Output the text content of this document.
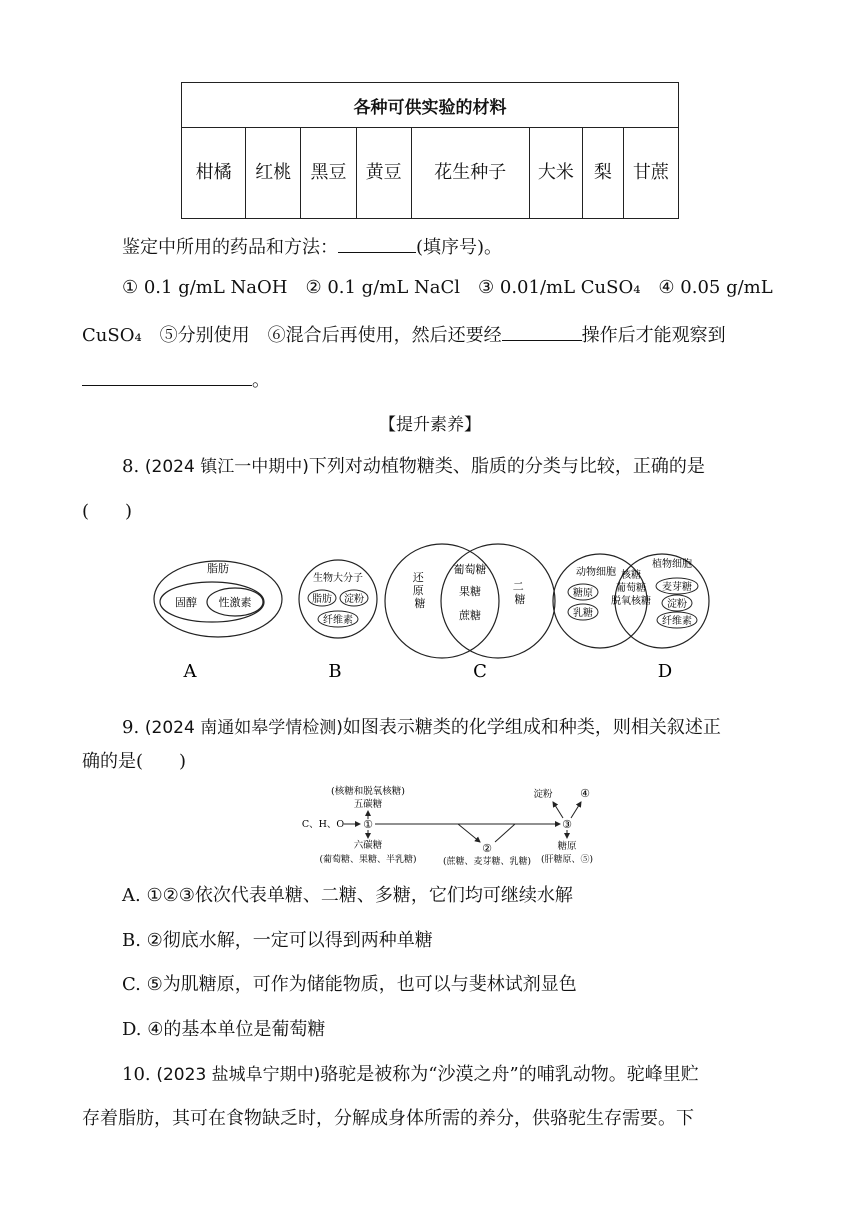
各种可供实验的材料
柑橘	红桃	黑豆	黄豆	花生种子	大米	梨	甘蔗
鉴定中所用的药品和方法：	(填序号)。
① 0.1 g/mL NaOH　② 0.1 g/mL NaCl　③ 0.01/mL CuSO₄　④ 0.05 g/mL
CuSO₄　⑤分别使用　⑥混合后再使用，然后还要经	操作后才能观察到
。
【提升素养】
8. (2024 镇江一中期中)下列对动植物糖类、脂质的分类与比较，正确的是
(　　)
脂肪
固醇 性激素
生物大分子
脂肪 淀粉
纤维素
还 原 糖
二 糖
葡萄糖
果糖
蔗糖
动物细胞
植物细胞
糖原
乳糖
核糖
葡萄糖
脱氧核糖
麦芽糖
淀粉
纤维素
A	B	C	D
9. (2024 南通如皋学情检测)如图表示糖类的化学组成和种类，则相关叙述正
确的是(　　)
(核糖和脱氧核糖)
五碳糖
C、H、O ①
六碳糖
(葡萄糖、果糖、半乳糖)
②
(蔗糖、麦芽糖、乳糖)
③
淀粉	④
糖原
(肝糖原、⑤)
A. ①②③依次代表单糖、二糖、多糖，它们均可继续水解
B. ②彻底水解，一定可以得到两种单糖
C. ⑤为肌糖原，可作为储能物质，也可以与斐林试剂显色
D. ④的基本单位是葡萄糖
10. (2023 盐城阜宁期中)骆驼是被称为“沙漠之舟”的哺乳动物。驼峰里贮
存着脂肪，其可在食物缺乏时，分解成身体所需的养分，供骆驼生存需要。下
